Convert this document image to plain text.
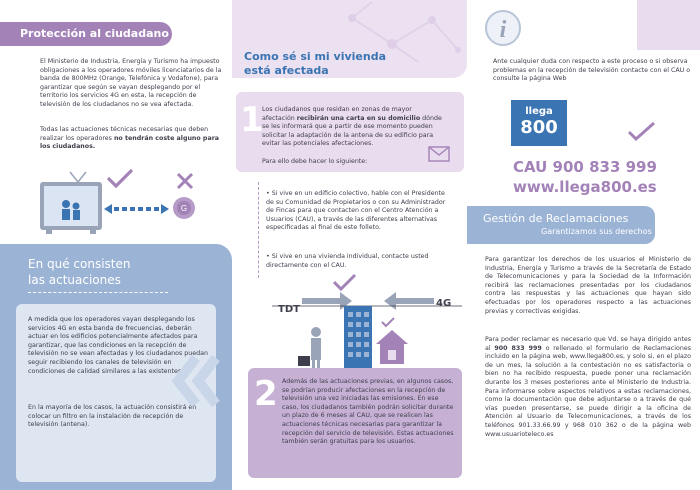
Protección al ciudadano
El Ministerio de Industria, Energía y Turismo ha impuesto obligaciones a los operadores móviles licenciatarios de la banda de 800MHz (Orange, Telefónica y Vodafone), para garantizar que según se vayan desplegando por el territorio los servicios 4G en esta, la recepción de televisión de los ciudadanos no se vea afectada.
Todas las actuaciones técnicas necesarias que deben realizar los operadores no tendrán coste alguno para los ciudadanos.
G
En qué consisten
las actuaciones
A medida que los operadores vayan desplegando los servicios 4G en esta banda de frecuencias, deberán actuar en los edificios potencialmente afectados para garantizar, que las condiciones en la recepción de televisión no se vean afectadas y los ciudadanos puedan seguir recibiendo los canales de televisión en condiciones de calidad similares a las existentes.
En la mayoría de los casos, la actuación consistirá en colocar un filtro en la instalación de recepción de televisión (antena).
Como sé si mi vivienda
está afectada
1
Los ciudadanos que residan en zonas de mayor afectación recibirán una carta en su domicilio dónde se les informará que a partir de ese momento pueden solicitar la adaptación de la antena de su edificio para evitar las potenciales afectaciones.
Para ello debe hacer lo siguiente:
• Si vive en un edificio colectivo, hable con el Presidente de su Comunidad de Propietarios o con su Administrador de Fincas para que contacten con el Centro Atención a Usuarios (CAU), a través de las diferentes alternativas especificadas al final de este folleto.
• Si vive en una vivienda individual, contacte usted directamente con el CAU.
TDT
4G
2 Además de las actuaciones previas, en algunos casos, se podrían producir afectaciones en la recepción de televisión una vez iniciadas las emisiones. En ese caso, los ciudadanos también podrán solicitar durante un plazo de 6 meses al CAU, que se realicen las actuaciones técnicas necesarias para garantizar la recepción del servicio de televisión. Estas actuaciones también serán gratuitas para los usuarios.
i
Ante cualquier duda con respecto a este proceso o si observa problemas en la recepción de televisión contacte con el CAU o consulte la página Web
llega
800
CAU 900 833 999
www.llega800.es
Gestión de Reclamaciones
Garantizamos sus derechos
Para garantizar los derechos de los usuarios el Ministerio de Industria, Energía y Turismo a través de la Secretaría de Estado de Telecomunicaciones y para la Sociedad de la Información recibirá las reclamaciones presentadas por los ciudadanos contra las respuestas y las actuaciones que hayan sido efectuadas por los operadores respecto a las actuaciones previas y correctivas exigidas.
Para poder reclamar es necesario que Vd. se haya dirigido antes al 900 833 999 o rellenado el formulario de Reclamaciones incluido en la página web, www.llega800.es, y solo si, en el plazo de un mes, la solución a la contestación no es satisfactoria o bien no ha recibido respuesta, puede poner una reclamación durante los 3 meses posteriores ante el Ministerio de Industria. Para informarse sobre aspectos relativos a estas reclamaciones, como la documentación que debe adjuntarse o a través de qué vías pueden presentarse, se puede dirigir a la oficina de Atención al Usuario de Telecomunicaciones, a través de los teléfonos 901.33.66.99 y 968 010 362 o de la página web www.usuarioteleco.es
